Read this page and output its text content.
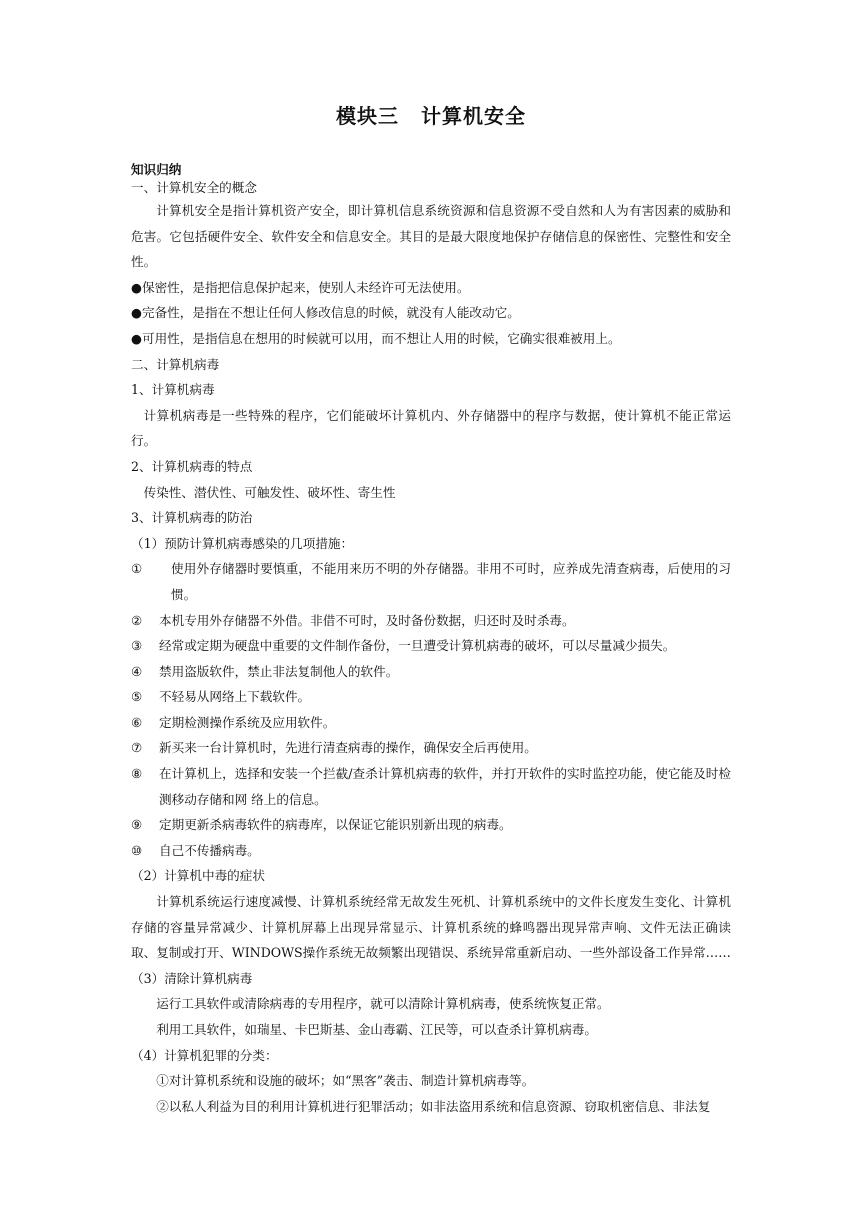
模块三 计算机安全

知识归纳

一、计算机安全的概念

计算机安全是指计算机资产安全，即计算机信息系统资源和信息资源不受自然和人为有害因素的威胁和危害。它包括硬件安全、软件安全和信息安全。其目的是最大限度地保护存储信息的保密性、完整性和安全性。

●保密性，是指把信息保护起来，使别人未经许可无法使用。

●完备性，是指在不想让任何人修改信息的时候，就没有人能改动它。

●可用性，是指信息在想用的时候就可以用，而不想让人用的时候，它确实很难被用上。

二、计算机病毒

1、计算机病毒

计算机病毒是一些特殊的程序，它们能破坏计算机内、外存储器中的程序与数据，使计算机不能正常运行。

2、计算机病毒的特点

传染性、潜伏性、可触发性、破坏性、寄生性

3、计算机病毒的防治

（1）预防计算机病毒感染的几项措施：

①	使用外存储器时要慎重，不能用来历不明的外存储器。非用不可时，应养成先清查病毒，后使用的习惯。
②	本机专用外存储器不外借。非借不可时，及时备份数据，归还时及时杀毒。
③	经常或定期为硬盘中重要的文件制作备份，一旦遭受计算机病毒的破坏，可以尽量减少损失。
④	禁用盗版软件，禁止非法复制他人的软件。
⑤	不轻易从网络上下载软件。
⑥	定期检测操作系统及应用软件。
⑦	新买来一台计算机时，先进行清查病毒的操作，确保安全后再使用。
⑧	在计算机上，选择和安装一个拦截/查杀计算机病毒的软件，并打开软件的实时监控功能，使它能及时检测移动存储和网 络上的信息。
⑨	定期更新杀病毒软件的病毒库，以保证它能识别新出现的病毒。
⑩	自己不传播病毒。

（2）计算机中毒的症状

计算机系统运行速度减慢、计算机系统经常无故发生死机、计算机系统中的文件长度发生变化、计算机存储的容量异常减少、计算机屏幕上出现异常显示、计算机系统的蜂鸣器出现异常声响、文件无法正确读取、复制或打开、WINDOWS操作系统无故频繁出现错误、系统异常重新启动、一些外部设备工作异常……

（3）清除计算机病毒

运行工具软件或清除病毒的专用程序，就可以清除计算机病毒，使系统恢复正常。

利用工具软件，如瑞星、卡巴斯基、金山毒霸、江民等，可以查杀计算机病毒。

（4）计算机犯罪的分类：

①对计算机系统和设施的破坏；如“黑客”袭击、制造计算机病毒等。

②以私人利益为目的利用计算机进行犯罪活动；如非法盗用系统和信息资源、窃取机密信息、非法复
